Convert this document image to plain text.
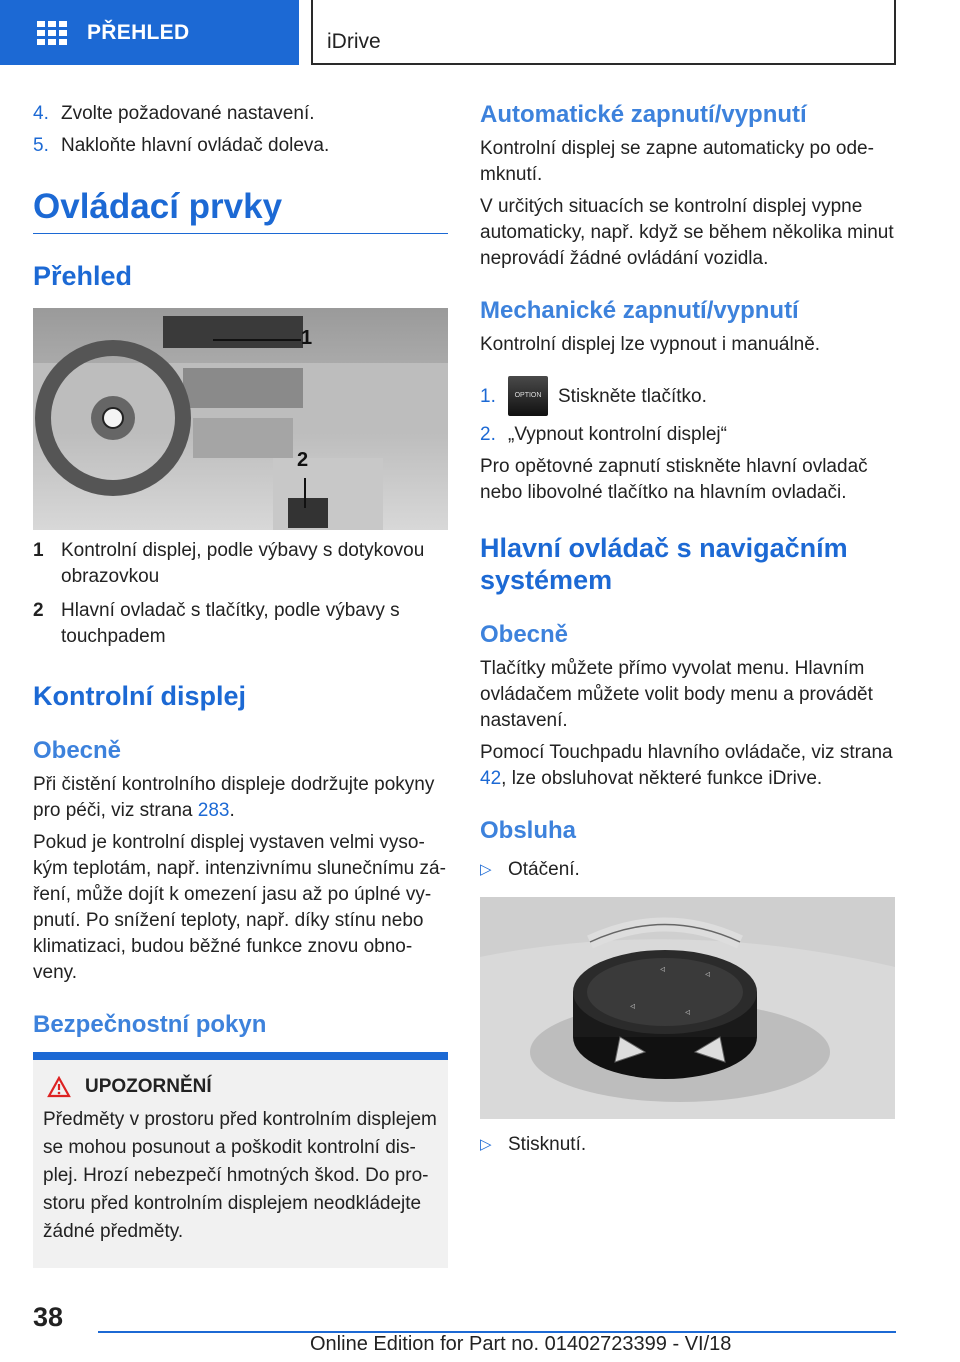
PŘEHLED	iDrive
4. Zvolte požadované nastavení.
5. Nakloňte hlavní ovládač doleva.
Ovládací prvky
Přehled
1
2
1 Kontrolní displej, podle výbavy s dotykovou obrazovkou
2 Hlavní ovladač s tlačítky, podle výbavy s touchpadem
Kontrolní displej
Obecně

Při čistění kontrolního displeje dodržujte pokyny pro péči, viz strana 283.

Pokud je kontrolní displej vystaven velmi vysokým teplotám, např. intenzivnímu slunečnímu záření, může dojít k omezení jasu až po úplné vypnutí. Po snížení teploty, např. díky stínu nebo klimatizaci, budou běžné funkce znovu obnoveny.

Bezpečnostní pokyn
UPOZORNĚNÍ

Předměty v prostoru před kontrolním displejem se mohou posunout a poškodit kontrolní displej. Hrozí nebezpečí hmotných škod. Do prostoru před kontrolním displejem neodkládejte žádné předměty.

Automatické zapnutí/vypnutí

Kontrolní displej se zapne automaticky po odemknutí.

V určitých situacích se kontrolní displej vypne automaticky, např. když se během několika minut neprovádí žádné ovládání vozidla.

Mechanické zapnutí/vypnutí

Kontrolní displej lze vypnout i manuálně.

1.	OPTION Stiskněte tlačítko.
2. „Vypnout kontrolní displej“

Pro opětovné zapnutí stiskněte hlavní ovladač nebo libovolné tlačítko na hlavním ovladači.

Hlavní ovládač s navigačním systémem
Obecně

Tlačítky můžete přímo vyvolat menu. Hlavním ovládačem můžete volit body menu a provádět nastavení.

Pomocí Touchpadu hlavního ovládače, viz strana 42, lze obsluhovat některé funkce iDrive.

Obsluha
▷ Otáčení.
◃	◃
◃
◃
▷ Stisknutí.
38
Online Edition for Part no. 01402723399 - VI/18
